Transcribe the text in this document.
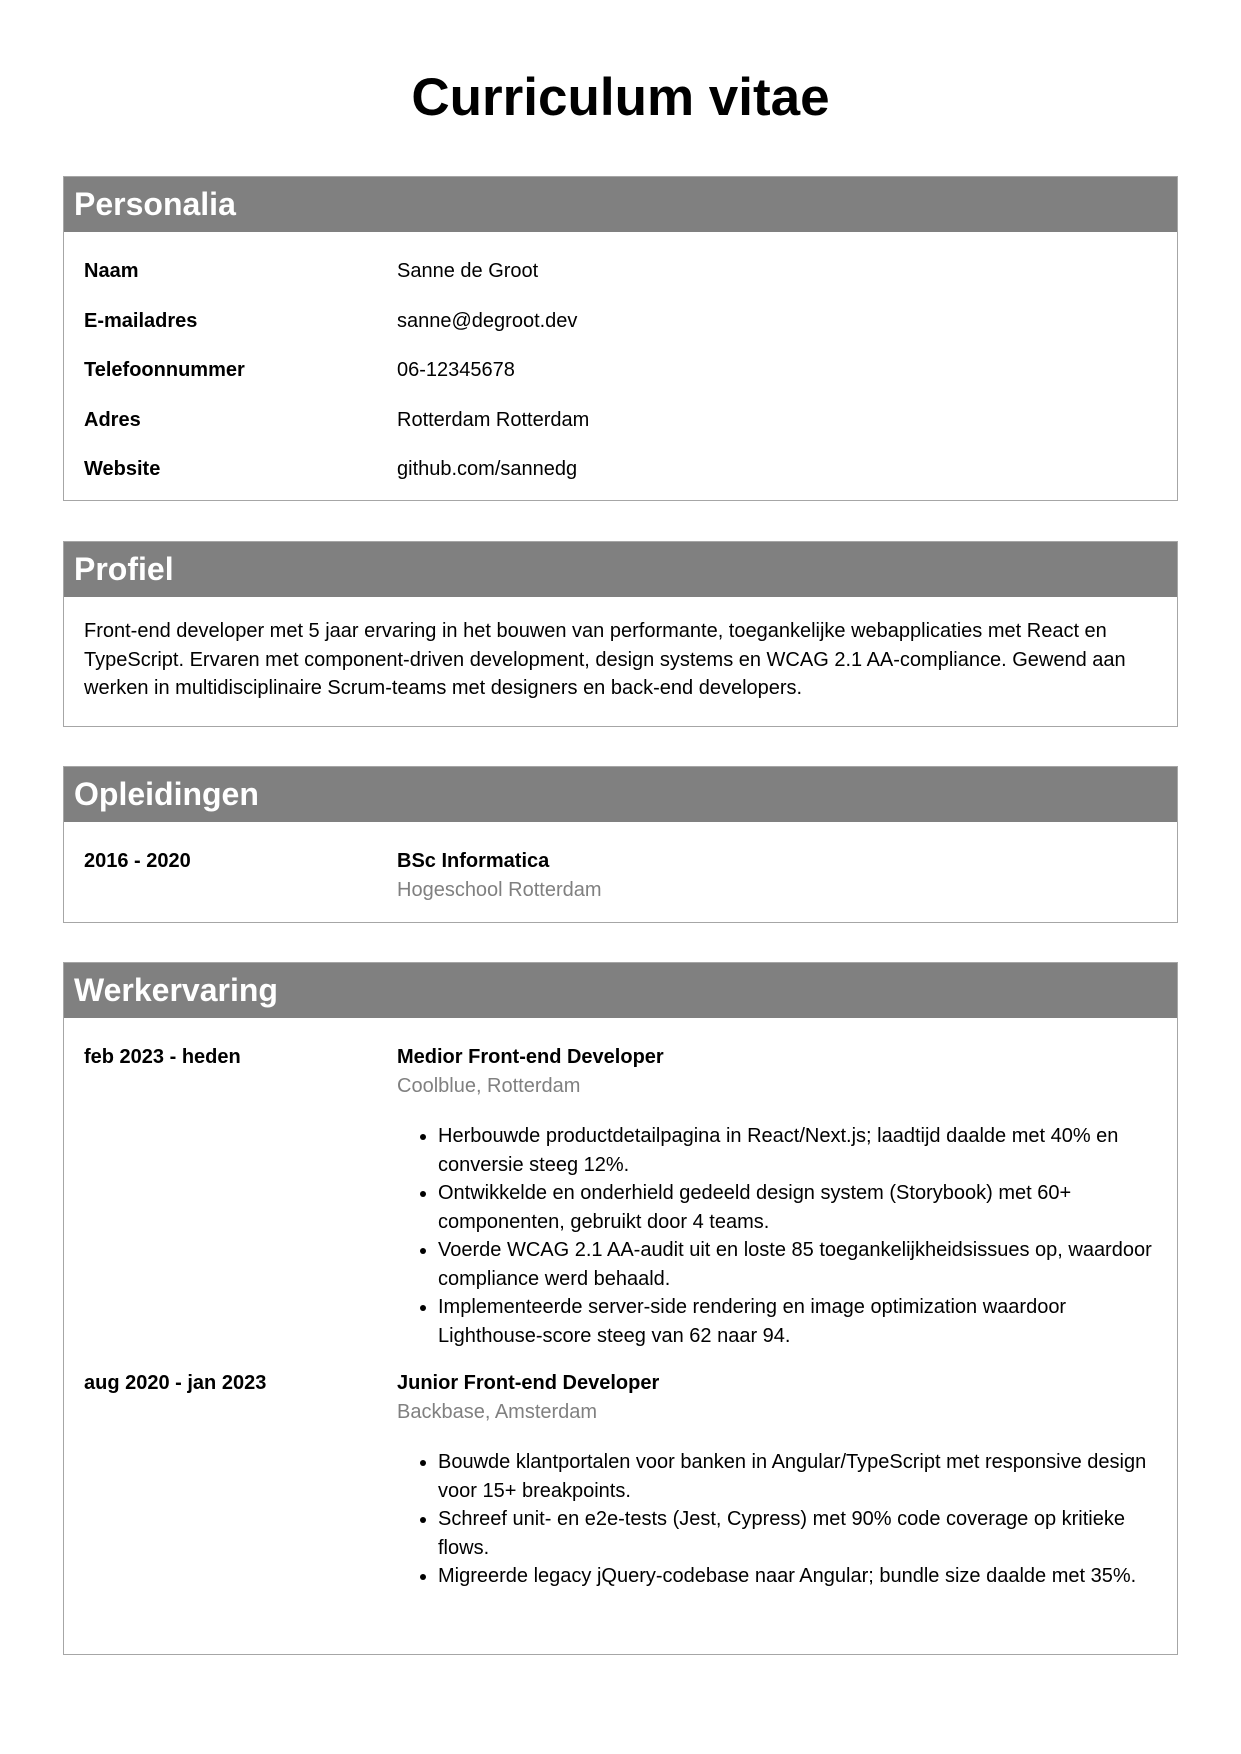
Curriculum vitae
Personalia
Naam	Sanne de Groot
E-mailadres	sanne@degroot.dev
Telefoonnummer	06-12345678
Adres	Rotterdam Rotterdam
Website	github.com/sannedg
Profiel
Front-end developer met 5 jaar ervaring in het bouwen van performante, toegankelijke webapplicaties met React en TypeScript. Ervaren met component-driven development, design systems en WCAG 2.1 AA-compliance. Gewend aan werken in multidisciplinaire Scrum-teams met designers en back-end developers.
Opleidingen
2016 - 2020	BSc Informatica
Hogeschool Rotterdam
Werkervaring
feb 2023 - heden	Medior Front-end Developer
Coolblue, Rotterdam
• Herbouwde productdetailpagina in React/Next.js; laadtijd daalde met 40% en conversie steeg 12%.
• Ontwikkelde en onderhield gedeeld design system (Storybook) met 60+ componenten, gebruikt door 4 teams.
• Voerde WCAG 2.1 AA-audit uit en loste 85 toegankelijkheidsissues op, waardoor compliance werd behaald.
• Implementeerde server-side rendering en image optimization waardoor Lighthouse-score steeg van 62 naar 94.
aug 2020 - jan 2023	Junior Front-end Developer
Backbase, Amsterdam
• Bouwde klantportalen voor banken in Angular/TypeScript met responsive design voor 15+ breakpoints.
• Schreef unit- en e2e-tests (Jest, Cypress) met 90% code coverage op kritieke flows.
• Migreerde legacy jQuery-codebase naar Angular; bundle size daalde met 35%.
